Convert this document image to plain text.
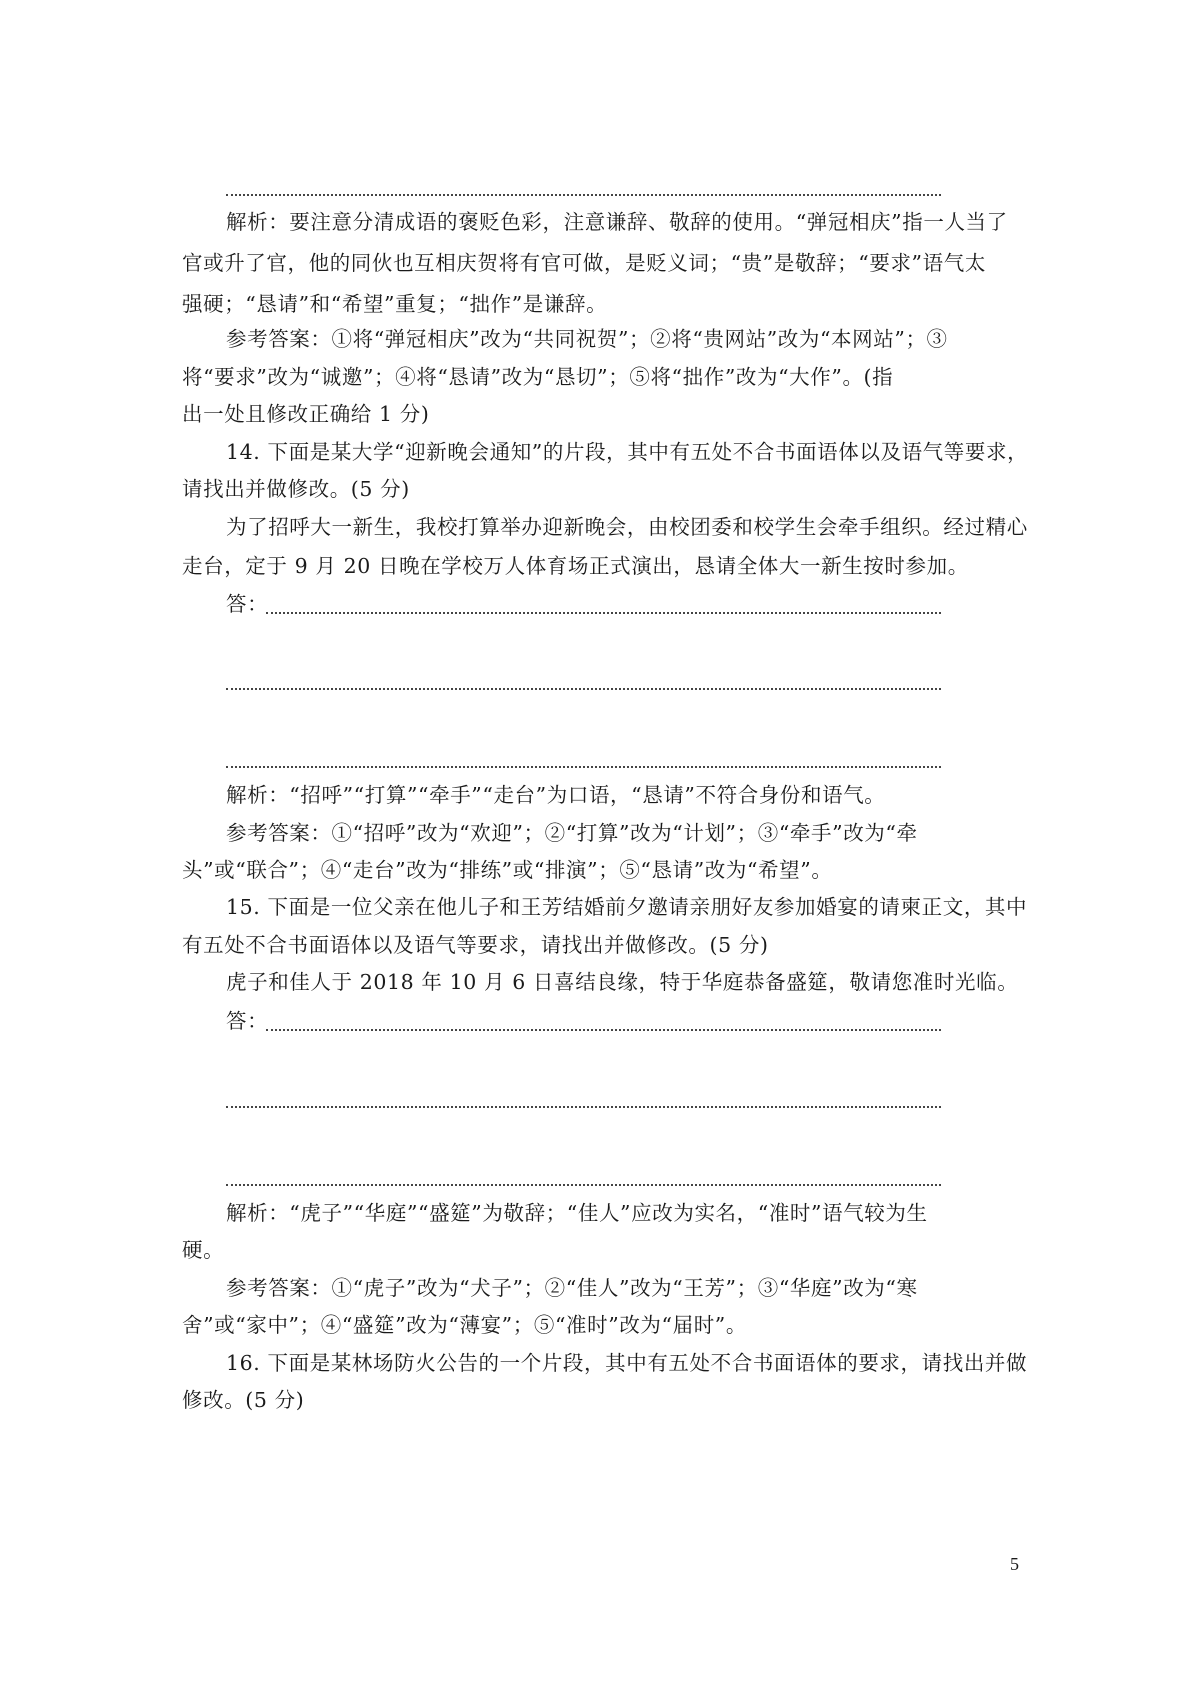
解析：要注意分清成语的褒贬色彩，注意谦辞、敬辞的使用。“弹冠相庆”指一人当了
官或升了官，他的同伙也互相庆贺将有官可做，是贬义词；“贵”是敬辞；“要求”语气太
强硬；“恳请”和“希望”重复；“拙作”是谦辞。
参考答案：①将“弹冠相庆”改为“共同祝贺”；②将“贵网站”改为“本网站”；③
将“要求”改为“诚邀”；④将“恳请”改为“恳切”；⑤将“拙作”改为“大作”。(指
出一处且修改正确给 1 分)
14. 下面是某大学“迎新晚会通知”的片段，其中有五处不合书面语体以及语气等要求，
请找出并做修改。(5 分)
为了招呼大一新生，我校打算举办迎新晚会，由校团委和校学生会牵手组织。经过精心
走台，定于 9 月 20 日晚在学校万人体育场正式演出，恳请全体大一新生按时参加。
答：
解析：“招呼”“打算”“牵手”“走台”为口语，“恳请”不符合身份和语气。
参考答案：①“招呼”改为“欢迎”；②“打算”改为“计划”；③“牵手”改为“牵
头”或“联合”；④“走台”改为“排练”或“排演”；⑤“恳请”改为“希望”。
15. 下面是一位父亲在他儿子和王芳结婚前夕邀请亲朋好友参加婚宴的请柬正文，其中
有五处不合书面语体以及语气等要求，请找出并做修改。(5 分)
虎子和佳人于 2018 年 10 月 6 日喜结良缘，特于华庭恭备盛筵，敬请您准时光临。
答：
解析：“虎子”“华庭”“盛筵”为敬辞；“佳人”应改为实名，“准时”语气较为生
硬。
参考答案：①“虎子”改为“犬子”；②“佳人”改为“王芳”；③“华庭”改为“寒
舍”或“家中”；④“盛筵”改为“薄宴”；⑤“准时”改为“届时”。
16. 下面是某林场防火公告的一个片段，其中有五处不合书面语体的要求，请找出并做
修改。(5 分)
5
